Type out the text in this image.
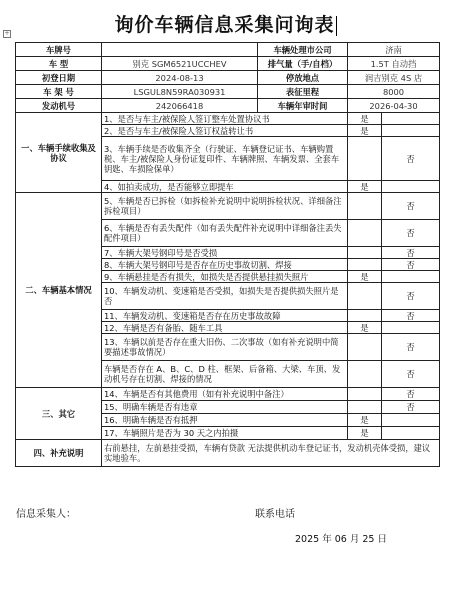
询价车辆信息采集问询表
+
车牌号		车辆处理市公司	济南	
车 型	别克 SGM6521UCCHEV	排气量（手/自档）	1.5T 自动挡	
初登日期	2024-08-13	停放地点	润吉别克 4S 店	
车 架 号	LSGUL8N59RA030931	表征里程	8000	
发动机号	242066418	车辆年审时间	2026-04-30	
一、车辆手续收集及协议	1、是否与车主/被保险人签订整车处置协议书		是	
	2、是否与车主/被保险人签订权益转让书		是	
	3、车辆手续是否收集齐全（行驶证、车辆登记证书、车辆购置税、车主/被保险人身份证复印件、车辆牌照、车辆发票、全套车钥匙、车损险保单）			否
	4、如拍卖成功，是否能够立即提车		是	
二、车辆基本情况	5、车辆是否已拆检（如拆检补充说明中说明拆检状况、详细备注拆检项目）			否
	6、车辆是否有丢失配件（如有丢失配件补充说明中详细备注丢失配件项目）			否
	7、车辆大架号钢印号是否受损			否
	8、车辆大架号钢印号是否存在历史事故切割、焊接			否
	9、车辆悬挂是否有损失，如损失是否提供悬挂损失照片		是	
	10、车辆发动机、变速箱是否受损，如损失是否提供损失照片是否			否
	11、车辆发动机、变速箱是否存在历史事故故障			否
	12、车辆是否有备胎、随车工具		是	
	13、车辆以前是否存在重大旧伤、二次事故（如有补充说明中简要描述事故情况）			否
	车辆是否存在 A、B、C、D 柱、框架、后备箱、大梁、车顶、发动机号存在切割、焊接的情况			否
三、其它	14、车辆是否有其他费用（如有补充说明中备注）			否
	15、明确车辆是否有违章			否
	16、明确车辆是否有抵押		是	
	17、车辆照片是否为 30 天之内拍摄		是	
四、补充说明	右前悬挂，左前悬挂受损，车辆有贷款 无法提供机动车登记证书，发动机壳体受损，建议实地验车。			
信息采集人：	联系电话
2025 年 06 月 25 日
